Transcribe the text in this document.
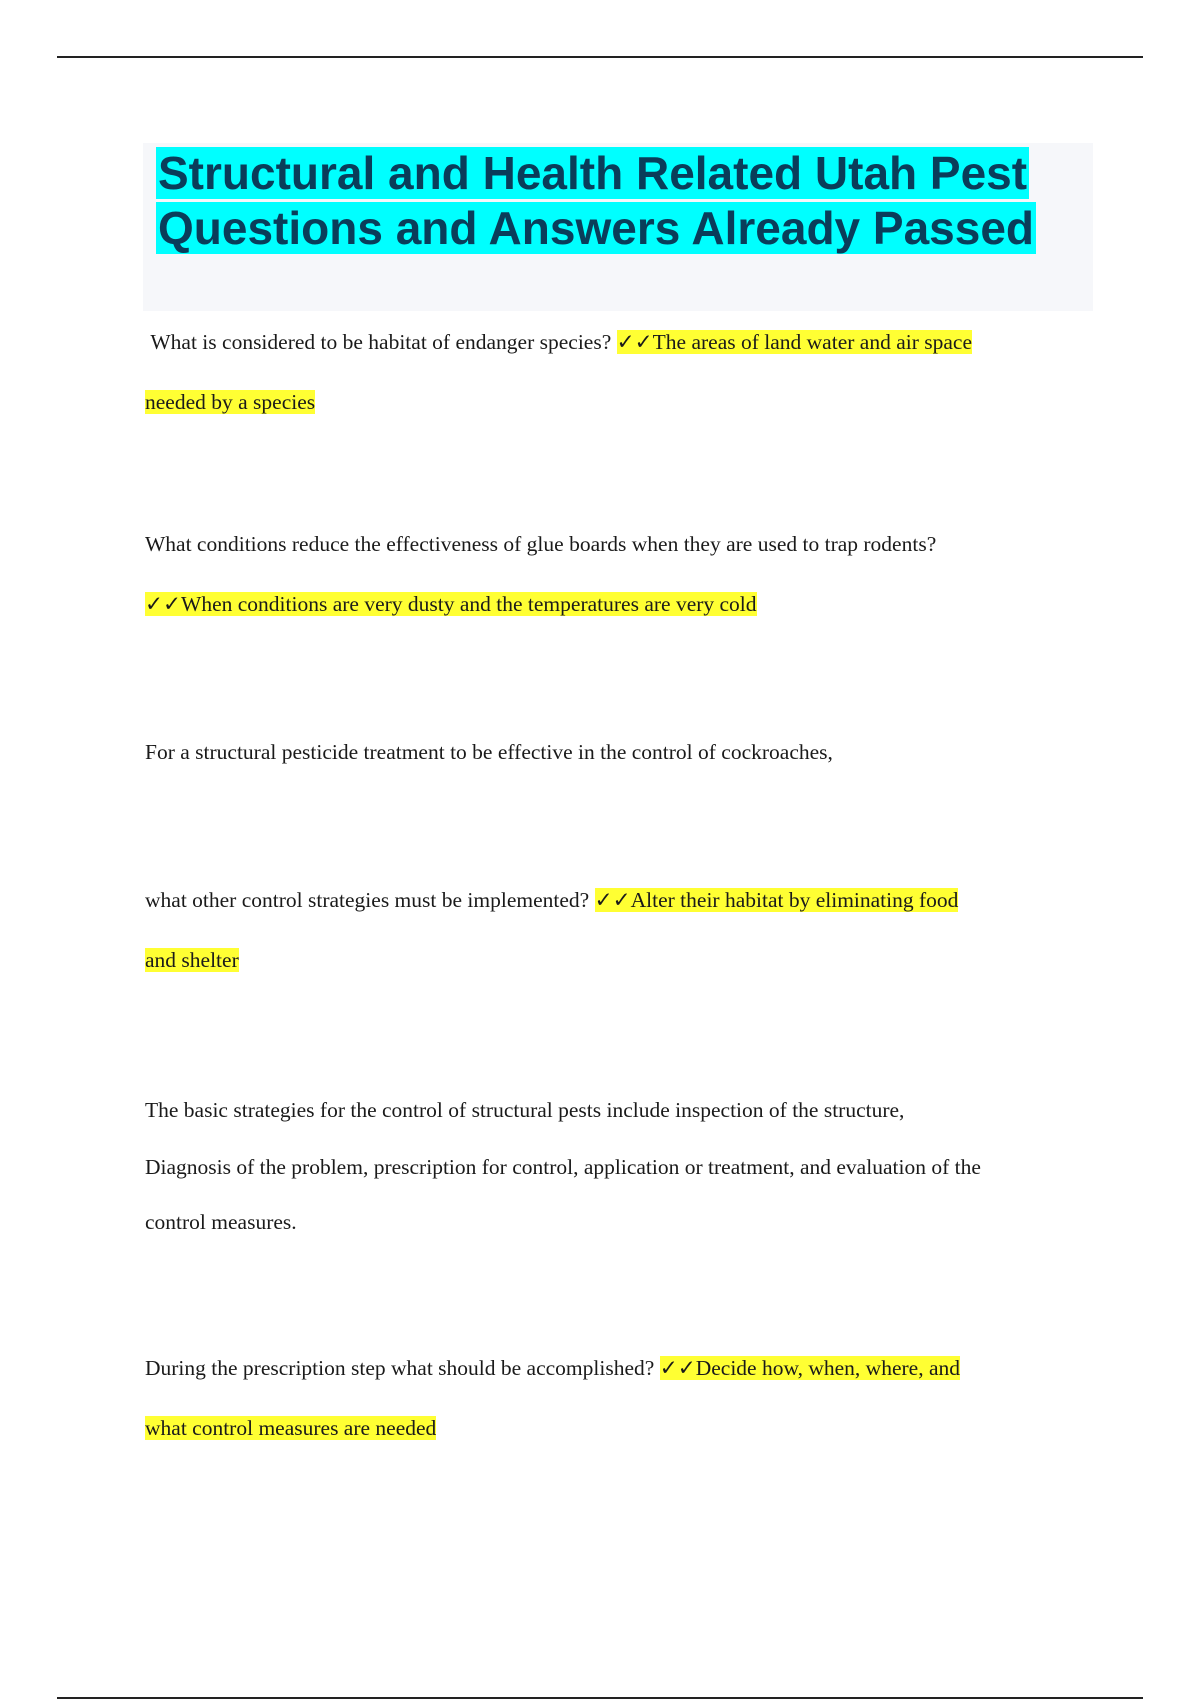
Structural and Health Related Utah Pest
Questions and Answers Already Passed

What is considered to be habitat of endanger species? ✓✓The areas of land water and air space

needed by a species

What conditions reduce the effectiveness of glue boards when they are used to trap rodents?

✓✓When conditions are very dusty and the temperatures are very cold

For a structural pesticide treatment to be effective in the control of cockroaches,

what other control strategies must be implemented? ✓✓Alter their habitat by eliminating food

and shelter

The basic strategies for the control of structural pests include inspection of the structure,

Diagnosis of the problem, prescription for control, application or treatment, and evaluation of the

control measures.

During the prescription step what should be accomplished? ✓✓Decide how, when, where, and

what control measures are needed
